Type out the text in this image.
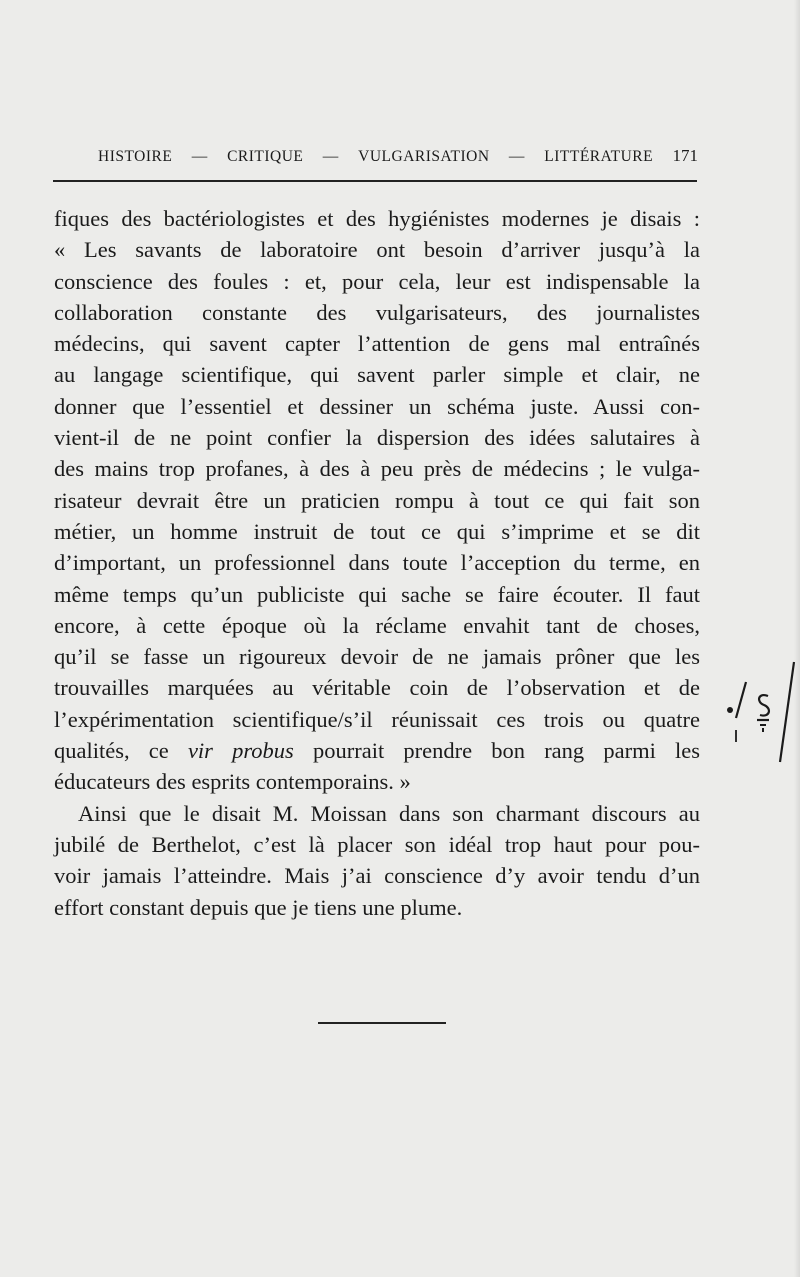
HISTOIRE — CRITIQUE — VULGARISATION — LITTÉRATURE 171
fiques des bactériologistes et des hygiénistes modernes je disais :
« Les savants de laboratoire ont besoin d’arriver jusqu’à la
conscience des foules : et, pour cela, leur est indispensable la
collaboration constante des vulgarisateurs, des journalistes
médecins, qui savent capter l’attention de gens mal entraînés
au langage scientifique, qui savent parler simple et clair, ne
donner que l’essentiel et dessiner un schéma juste. Aussi con-
vient-il de ne point confier la dispersion des idées salutaires à
des mains trop profanes, à des à peu près de médecins ; le vulga-
risateur devrait être un praticien rompu à tout ce qui fait son
métier, un homme instruit de tout ce qui s’imprime et se dit
d’important, un professionnel dans toute l’acception du terme, en
même temps qu’un publiciste qui sache se faire écouter. Il faut
encore, à cette époque où la réclame envahit tant de choses,
qu’il se fasse un rigoureux devoir de ne jamais prôner que les
trouvailles marquées au véritable coin de l’observation et de
l’expérimentation scientifique/s’il réunissait ces trois ou quatre
qualités, ce vir probus pourrait prendre bon rang parmi les
éducateurs des esprits contemporains. »
Ainsi que le disait M. Moissan dans son charmant discours au
jubilé de Berthelot, c’est là placer son idéal trop haut pour pou-
voir jamais l’atteindre. Mais j’ai conscience d’y avoir tendu d’un
effort constant depuis que je tiens une plume.
